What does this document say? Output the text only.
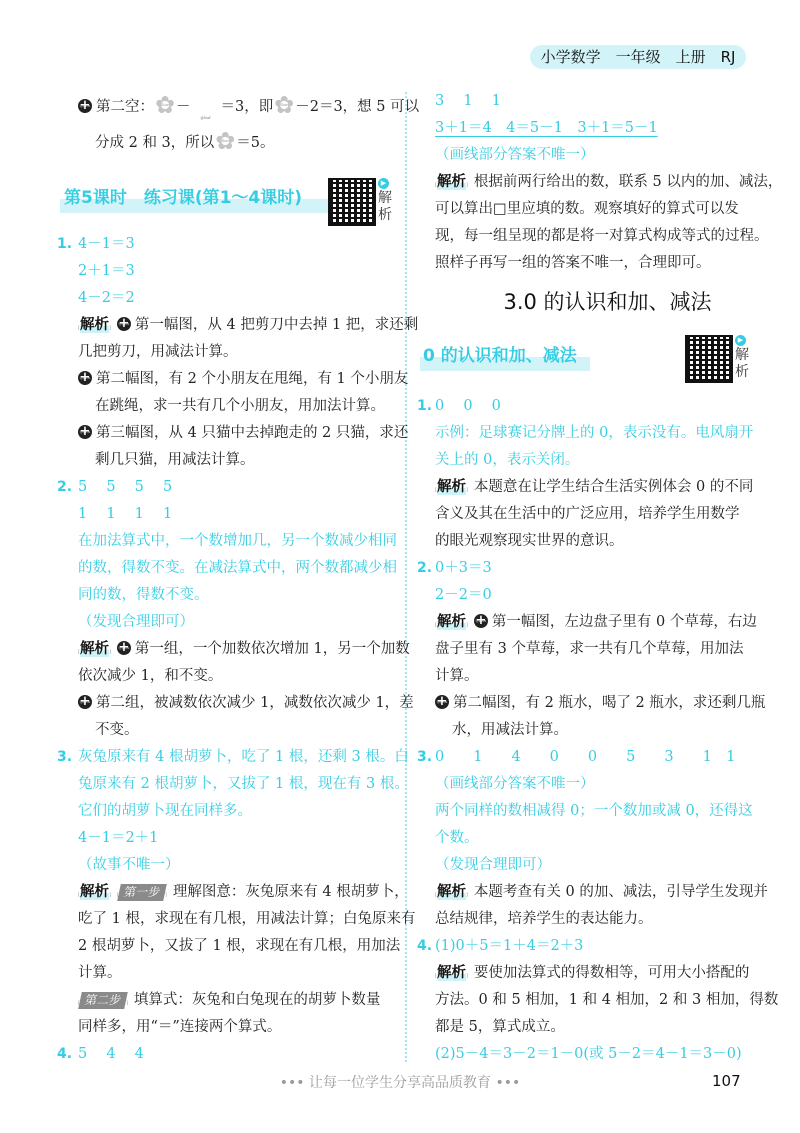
小学数学　一年级　上册　RJ
@plus + 第二空： ✿ @flower －@leaf＝3，即 ✿ @flower －2＝3，想 5 可以
分成 2 和 3，所以 ✿ @flower ＝5。
第5课时　练习课(第1～4课时)
▶
解析
1. 4－1＝3
2＋1＝3
4－2＝2
[解析]@plus + 第一幅图，从 4 把剪刀中去掉 1 把，求还剩
几把剪刀，用减法计算。
@plus + 第二幅图，有 2 个小朋友在甩绳，有 1 个小朋友
在跳绳，求一共有几个小朋友，用加法计算。
@plus + 第三幅图，从 4 只猫中去掉跑走的 2 只猫，求还
剩几只猫，用减法计算。
2. 5　 5　 5　 5
1　 1　 1　 1
在加法算式中，一个数增加几，另一个数减少相同
的数，得数不变。在减法算式中，两个数都减少相
同的数，得数不变。
（发现合理即可）
[解析]@plus + 第一组，一个加数依次增加 1，另一个加数
依次减少 1，和不变。
@plus + 第二组，被减数依次减少 1，减数依次减少 1，差
不变。
3. 灰兔原来有 4 根胡萝卜，吃了 1 根，还剩 3 根。白
兔原来有 2 根胡萝卜，又拔了 1 根，现在有 3 根。
它们的胡萝卜现在同样多。
4－1＝2＋1
（故事不唯一）
[解析] 第一步 ] 理解图意：灰兔原来有 4 根胡萝卜，
吃了 1 根，求现在有几根，用减法计算；白兔原来有
2 根胡萝卜，又拔了 1 根，求现在有几根，用加法
计算。
第二步 ] 填算式：灰兔和白兔现在的胡萝卜数量
同样多，用“＝”连接两个算式。
4. 5　 4　 4
3　 1　 1
3＋1＝4　4＝5－1　3＋1＝5－1
（画线部分答案不唯一）
[解析] 根据前两行给出的数，联系 5 以内的加、减法，
可以算出□里应填的数。观察填好的算式可以发
现，每一组呈现的都是将一对算式构成等式的过程。
照样子再写一组的答案不唯一，合理即可。
3.0 的认识和加、减法
0 的认识和加、减法
▶
解析
1. 0　 0　 0
示例：足球赛记分牌上的 0，表示没有。电风扇开
关上的 0，表示关闭。
[解析] 本题意在让学生结合生活实例体会 0 的不同
含义及其在生活中的广泛应用，培养学生用数学
的眼光观察现实世界的意识。
2. 0＋3＝3
2－2＝0
[解析]@plus + 第一幅图，左边盘子里有 0 个草莓，右边
盘子里有 3 个草莓，求一共有几个草莓，用加法
计算。
@plus + 第二幅图，有 2 瓶水，喝了 2 瓶水，求还剩几瓶
水，用减法计算。
3. 0　　1　　4　　0　　0　　5　　3　　1　1
（画线部分答案不唯一）
两个同样的数相减得 0；一个数加或减 0，还得这
个数。
（发现合理即可）
[解析] 本题考查有关 0 的加、减法，引导学生发现并
总结规律，培养学生的表达能力。
4. (1)0＋5＝1＋4＝2＋3
[解析] 要使加法算式的得数相等，可用大小搭配的
方法。0 和 5 相加，1 和 4 相加，2 和 3 相加，得数
都是 5，算式成立。
(2)5－4＝3－2＝1－0(或 5－2＝4－1＝3－0)
••• 让每一位学生分享高品质教育 •••	107
